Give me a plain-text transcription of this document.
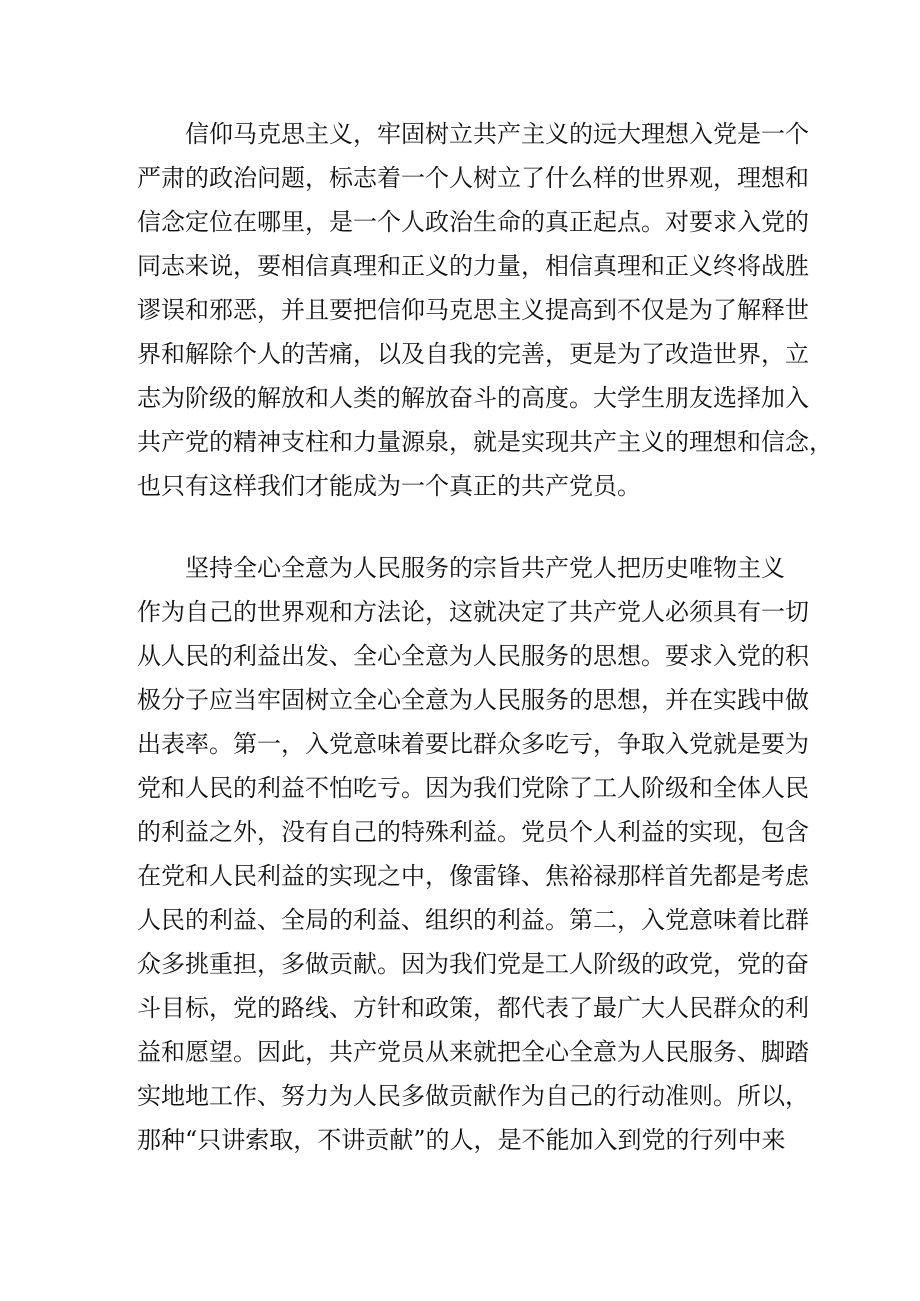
信仰马克思主义，牢固树立共产主义的远大理想入党是一个
严肃的政治问题，标志着一个人树立了什么样的世界观，理想和
信念定位在哪里，是一个人政治生命的真正起点。对要求入党的
同志来说，要相信真理和正义的力量，相信真理和正义终将战胜
谬误和邪恶，并且要把信仰马克思主义提高到不仅是为了解释世
界和解除个人的苦痛，以及自我的完善，更是为了改造世界，立
志为阶级的解放和人类的解放奋斗的高度。大学生朋友选择加入
共产党的精神支柱和力量源泉，就是实现共产主义的理想和信念，
也只有这样我们才能成为一个真正的共产党员。
坚持全心全意为人民服务的宗旨共产党人把历史唯物主义
作为自己的世界观和方法论，这就决定了共产党人必须具有一切
从人民的利益出发、全心全意为人民服务的思想。要求入党的积
极分子应当牢固树立全心全意为人民服务的思想，并在实践中做
出表率。第一，入党意味着要比群众多吃亏，争取入党就是要为
党和人民的利益不怕吃亏。因为我们党除了工人阶级和全体人民
的利益之外，没有自己的特殊利益。党员个人利益的实现，包含
在党和人民利益的实现之中，像雷锋、焦裕禄那样首先都是考虑
人民的利益、全局的利益、组织的利益。第二，入党意味着比群
众多挑重担，多做贡献。因为我们党是工人阶级的政党，党的奋
斗目标，党的路线、方针和政策，都代表了最广大人民群众的利
益和愿望。因此，共产党员从来就把全心全意为人民服务、脚踏
实地地工作、努力为人民多做贡献作为自己的行动准则。所以，
那种“只讲索取，不讲贡献”的人，是不能加入到党的行列中来
